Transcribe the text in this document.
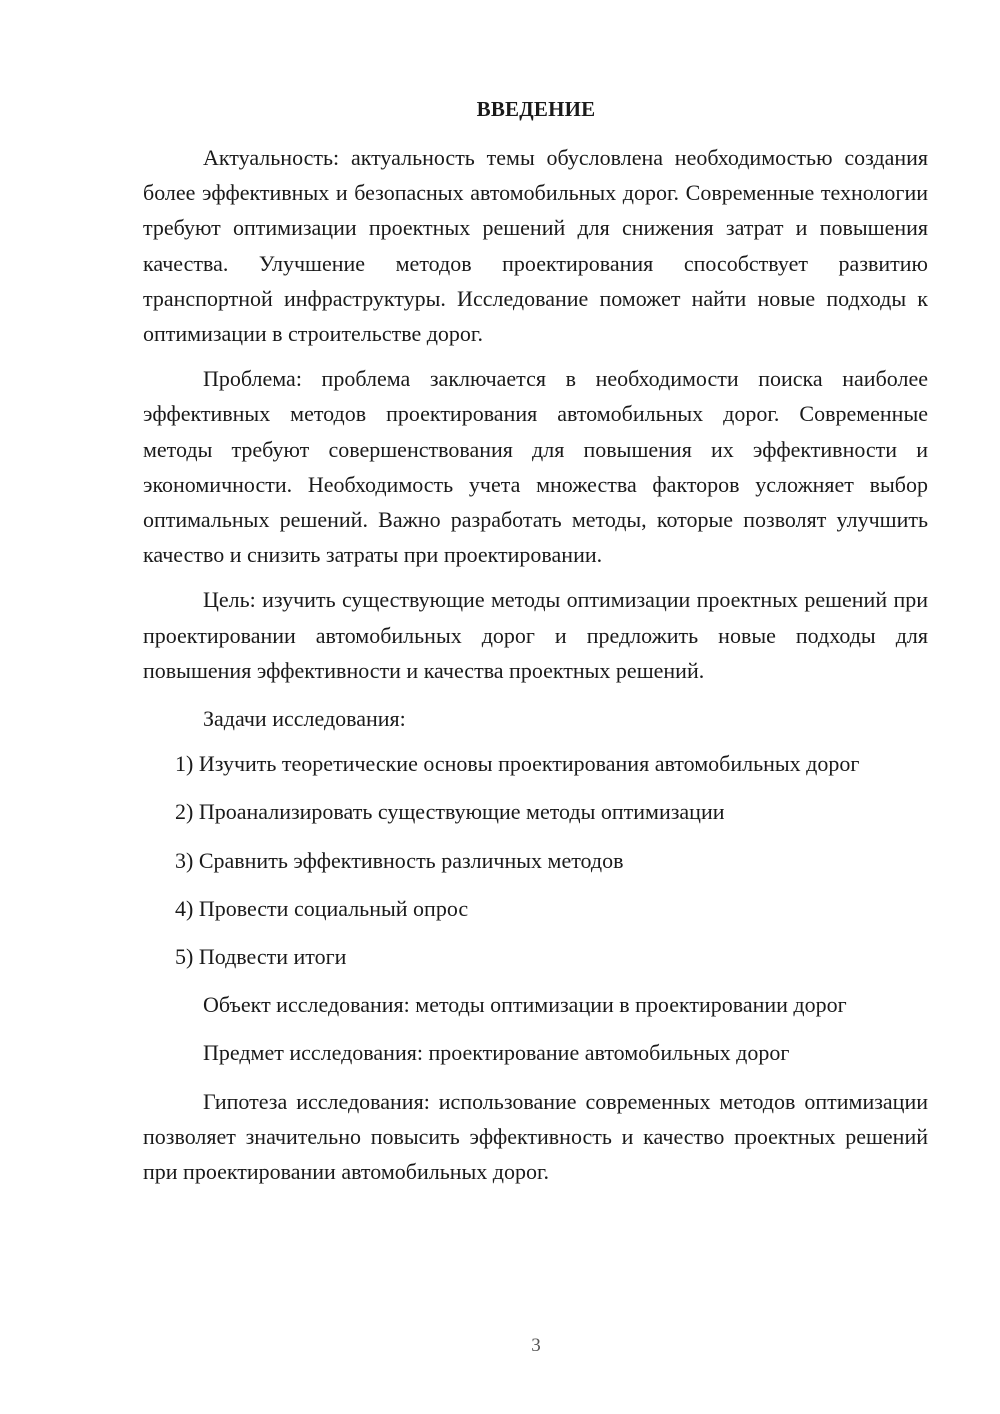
ВВЕДЕНИЕ

Актуальность: актуальность темы обусловлена необходимостью создания более эффективных и безопасных автомобильных дорог. Современные технологии требуют оптимизации проектных решений для снижения затрат и повышения качества. Улучшение методов проектирования способствует развитию транспортной инфраструктуры. Исследование поможет найти новые подходы к оптимизации в строительстве дорог.

Проблема: проблема заключается в необходимости поиска наиболее эффективных методов проектирования автомобильных дорог. Современные методы требуют совершенствования для повышения их эффективности и экономичности. Необходимость учета множества факторов усложняет выбор оптимальных решений. Важно разработать методы, которые позволят улучшить качество и снизить затраты при проектировании.

Цель: изучить существующие методы оптимизации проектных решений при проектировании автомобильных дорог и предложить новые подходы для повышения эффективности и качества проектных решений.

Задачи исследования:

1) Изучить теоретические основы проектирования автомобильных дорог

2) Проанализировать существующие методы оптимизации

3) Сравнить эффективность различных методов

4) Провести социальный опрос

5) Подвести итоги

Объект исследования: методы оптимизации в проектировании дорог

Предмет исследования: проектирование автомобильных дорог

Гипотеза исследования: использование современных методов оптимизации позволяет значительно повысить эффективность и качество проектных решений при проектировании автомобильных дорог.

3
